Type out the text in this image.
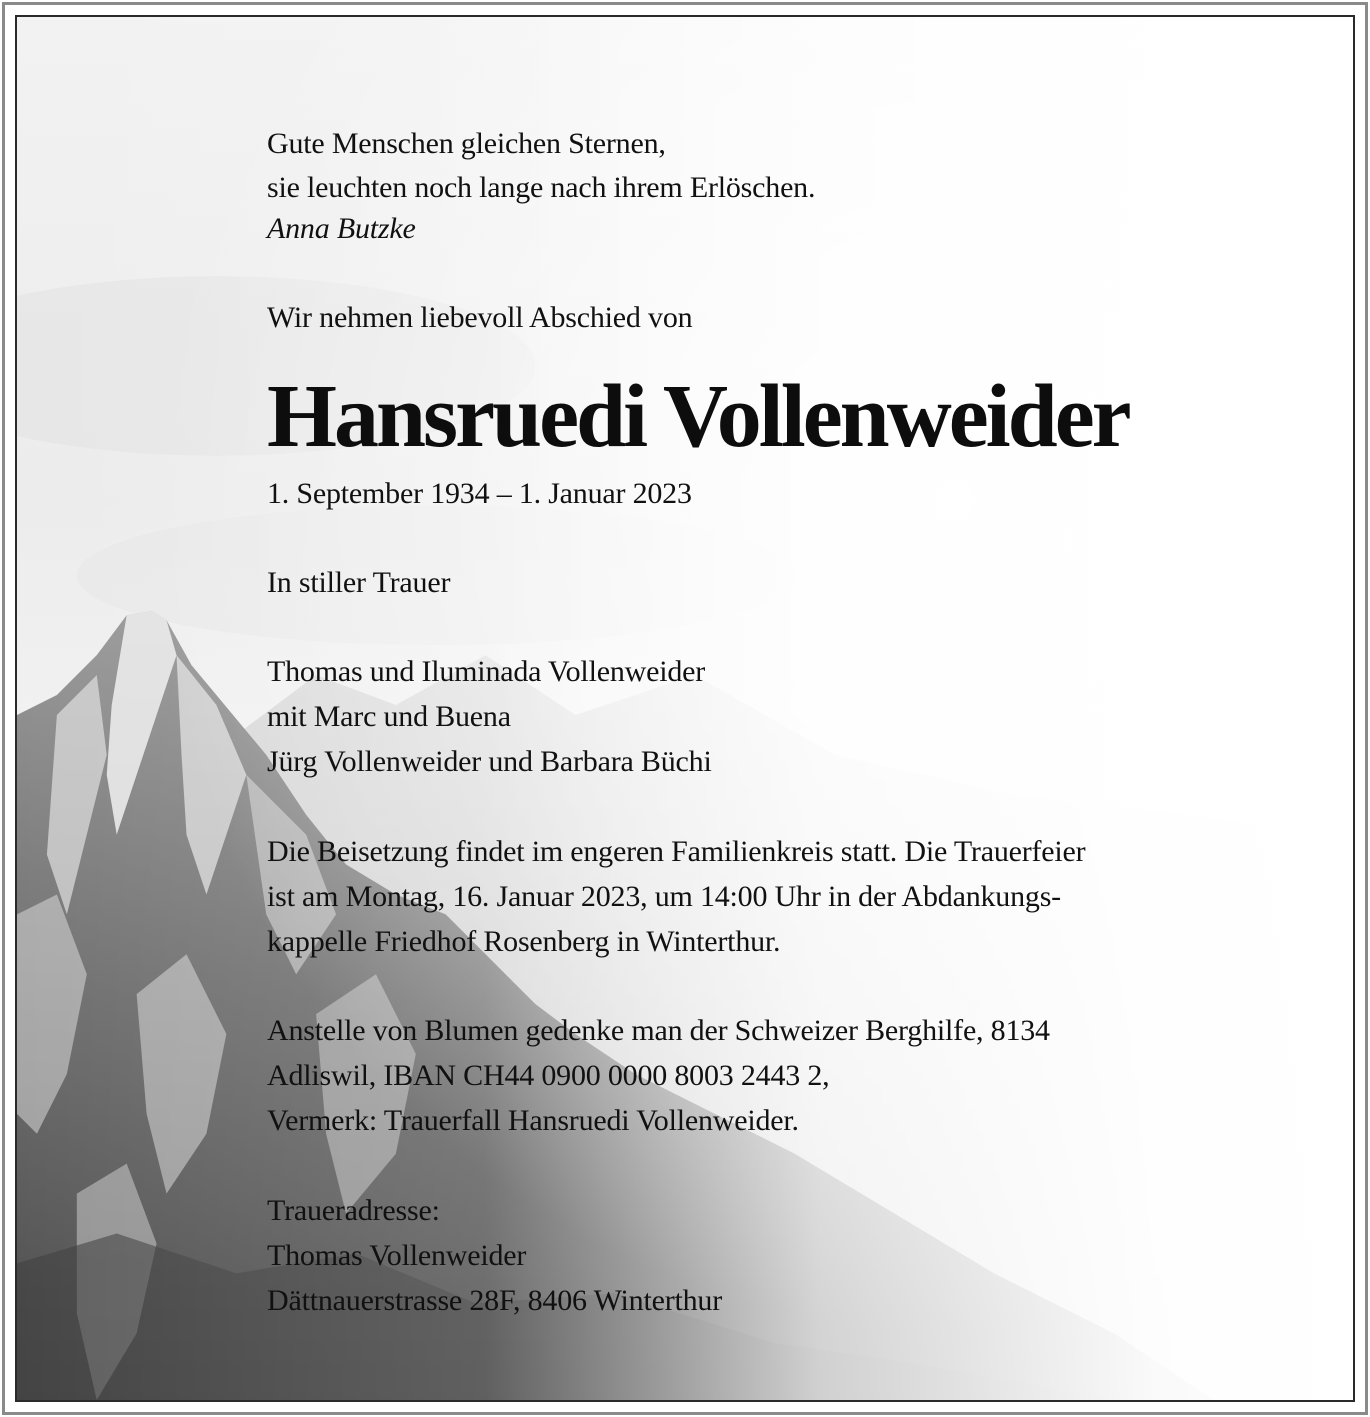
Gute Menschen gleichen Sternen,
sie leuchten noch lange nach ihrem Erlöschen.
Anna Butzke
Wir nehmen liebevoll Abschied von
Hansruedi Vollenweider
1. September 1934 – 1. Januar 2023
In stiller Trauer
Thomas und Iluminada Vollenweider
mit Marc und Buena
Jürg Vollenweider und Barbara Büchi
Die Beisetzung findet im engeren Familienkreis statt. Die Trauerfeier
ist am Montag, 16. Januar 2023, um 14:00 Uhr in der Abdankungs-
kappelle Friedhof Rosenberg in Winterthur.
Anstelle von Blumen gedenke man der Schweizer Berghilfe, 8134
Adliswil, IBAN CH44 0900 0000 8003 2443 2,
Vermerk: Trauerfall Hansruedi Vollenweider.
Traueradresse:
Thomas Vollenweider
Dättnauerstrasse 28F, 8406 Winterthur
